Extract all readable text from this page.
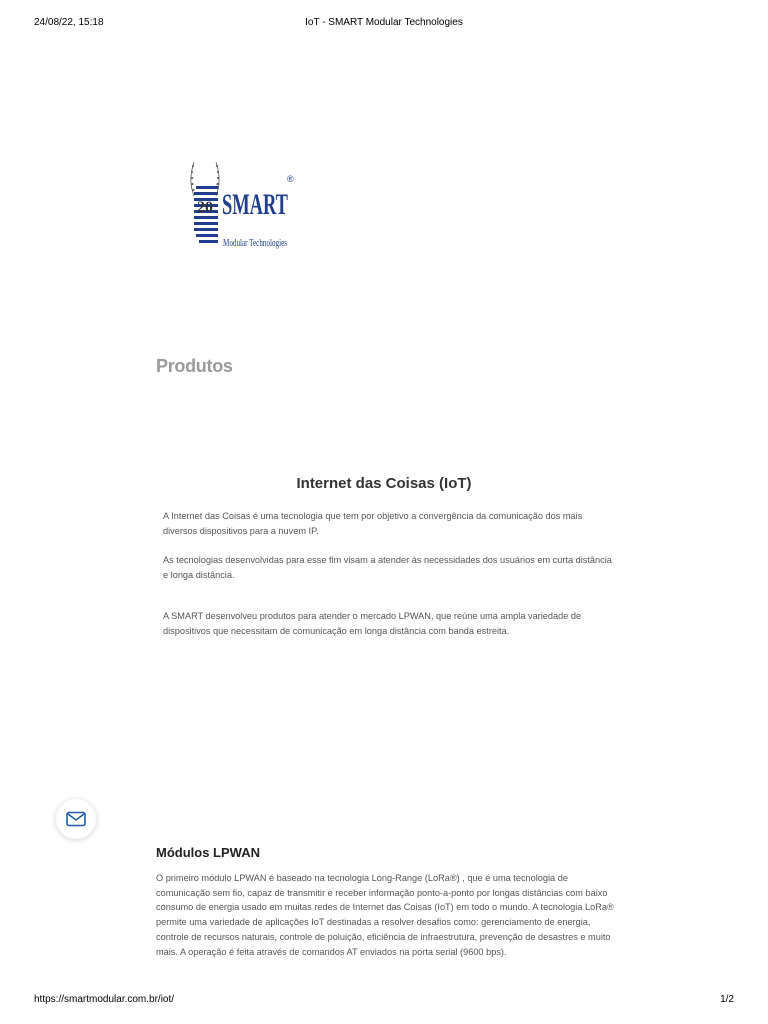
24/08/22, 15:18	IoT - SMART Modular Technologies
20 SMART
®
Modular Technologies
Produtos
Internet das Coisas (IoT)

A Internet das Coisas é uma tecnologia que tem por objetivo a convergência da comunicação dos mais diversos dispositivos para a nuvem IP.

As tecnologias desenvolvidas para esse fim visam a atender às necessidades dos usuários em curta distância e longa distância.

A SMART desenvolveu produtos para atender o mercado LPWAN, que reúne uma ampla variedade de dispositivos que necessitam de comunicação em longa distância com banda estreita.

Módulos LPWAN

O primeiro módulo LPWAN é baseado na tecnologia Long-Range (LoRa®) , que é uma tecnologia de comunicação sem fio, capaz de transmitir e receber informação ponto-a-ponto por longas distâncias com baixo consumo de energia usado em muitas redes de Internet das Coisas (IoT) em todo o mundo. A tecnologia LoRa® permite uma variedade de aplicações IoT destinadas a resolver desafios como: gerenciamento de energia, controle de recursos naturais, controle de poluição, eficiência de infraestrutura, prevenção de desastres e muito mais. A operação é feita através de comandos AT enviados na porta serial (9600 bps).

https://smartmodular.com.br/iot/	1/2
